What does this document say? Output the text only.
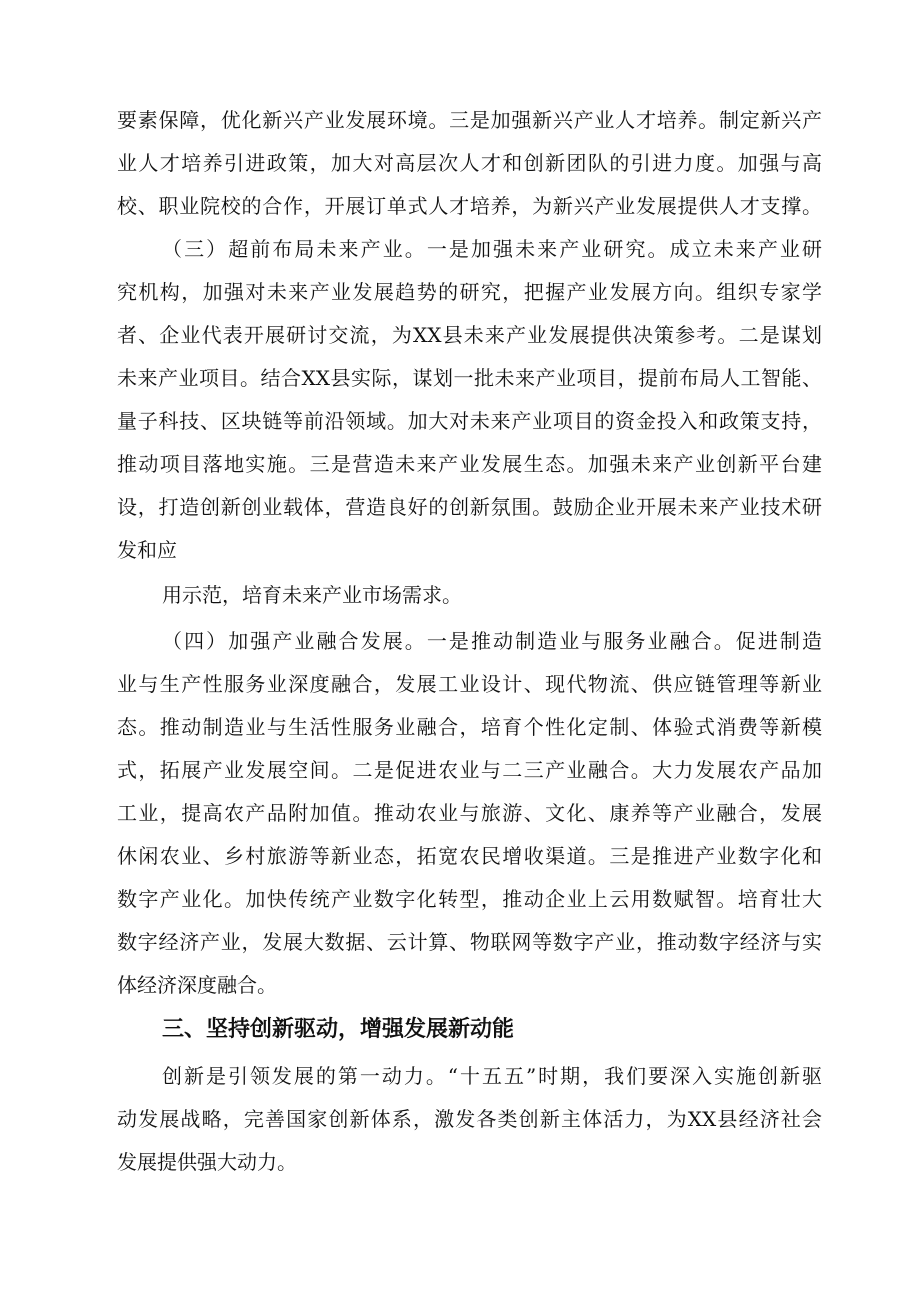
要素保障，优化新兴产业发展环境。三是加强新兴产业人才培养。制定新兴产

业人才培养引进政策，加大对高层次人才和创新团队的引进力度。加强与高

校、职业院校的合作，开展订单式人才培养，为新兴产业发展提供人才支撑。

（三）超前布局未来产业。一是加强未来产业研究。成立未来产业研

究机构，加强对未来产业发展趋势的研究，把握产业发展方向。组织专家学

者、企业代表开展研讨交流，为XX县未来产业发展提供决策参考。二是谋划

未来产业项目。结合XX县实际，谋划一批未来产业项目，提前布局人工智能、

量子科技、区块链等前沿领域。加大对未来产业项目的资金投入和政策支持，

推动项目落地实施。三是营造未来产业发展生态。加强未来产业创新平台建

设，打造创新创业载体，营造良好的创新氛围。鼓励企业开展未来产业技术研

发和应

用示范，培育未来产业市场需求。

（四）加强产业融合发展。一是推动制造业与服务业融合。促进制造

业与生产性服务业深度融合，发展工业设计、现代物流、供应链管理等新业

态。推动制造业与生活性服务业融合，培育个性化定制、体验式消费等新模

式，拓展产业发展空间。二是促进农业与二三产业融合。大力发展农产品加

工业，提高农产品附加值。推动农业与旅游、文化、康养等产业融合，发展

休闲农业、乡村旅游等新业态，拓宽农民增收渠道。三是推进产业数字化和

数字产业化。加快传统产业数字化转型，推动企业上云用数赋智。培育壮大

数字经济产业，发展大数据、云计算、物联网等数字产业，推动数字经济与实

体经济深度融合。

三、坚持创新驱动，增强发展新动能

创新是引领发展的第一动力。“十五五”时期，我们要深入实施创新驱

动发展战略，完善国家创新体系，激发各类创新主体活力，为XX县经济社会

发展提供强大动力。
